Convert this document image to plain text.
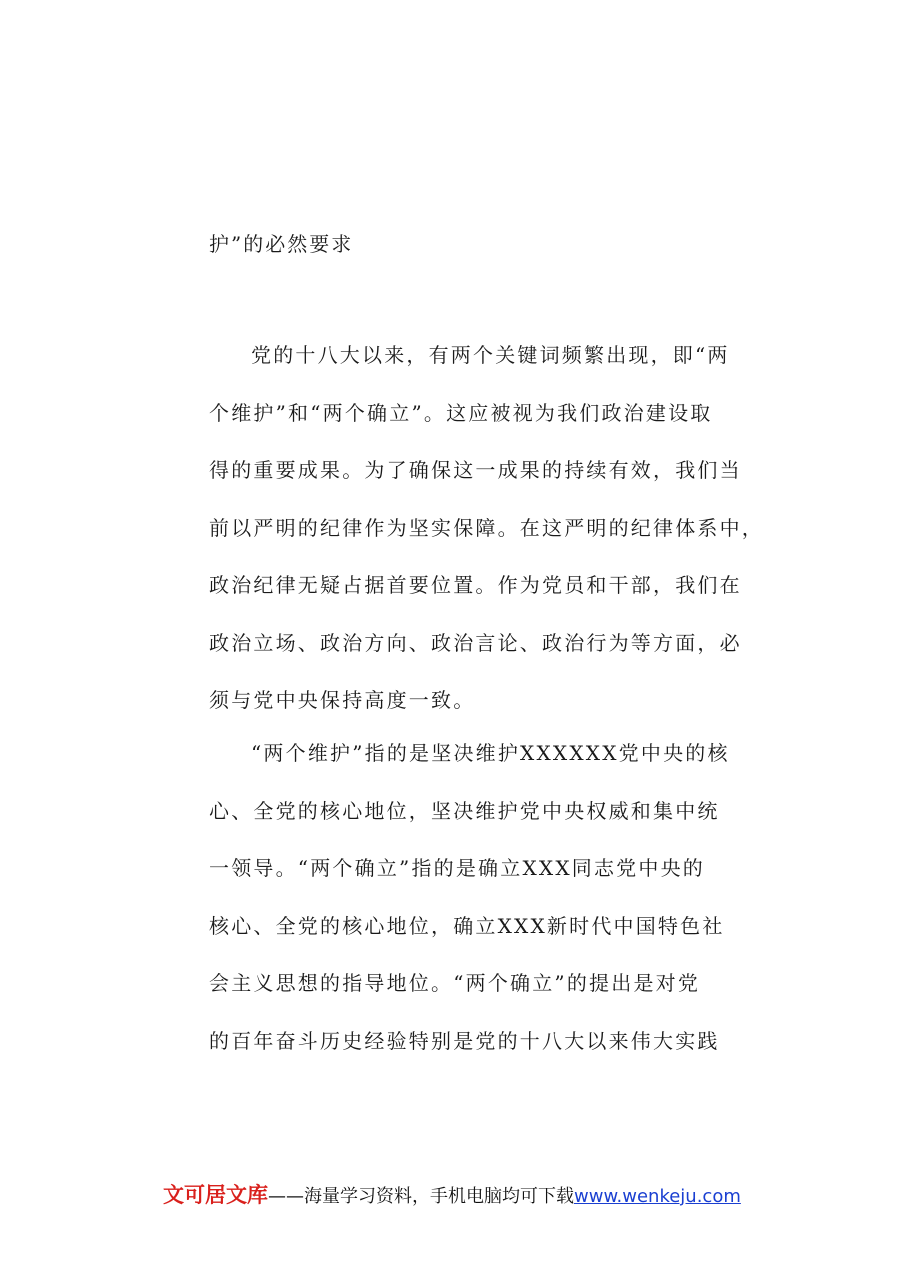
护”的必然要求
党的十八大以来，有两个关键词频繁出现，即“两
个维护”和“两个确立”。这应被视为我们政治建设取
得的重要成果。为了确保这一成果的持续有效，我们当
前以严明的纪律作为坚实保障。在这严明的纪律体系中，
政治纪律无疑占据首要位置。作为党员和干部，我们在
政治立场、政治方向、政治言论、政治行为等方面，必
须与党中央保持高度一致。
“两个维护”指的是坚决维护XXXXXX党中央的核
心、全党的核心地位，坚决维护党中央权威和集中统
一领导。“两个确立”指的是确立XXX同志党中央的
核心、全党的核心地位，确立XXX新时代中国特色社
会主义思想的指导地位。“两个确立”的提出是对党
的百年奋斗历史经验特别是党的十八大以来伟大实践
文可居文库——海量学习资料，手机电脑均可下载www.wenkeju.com
